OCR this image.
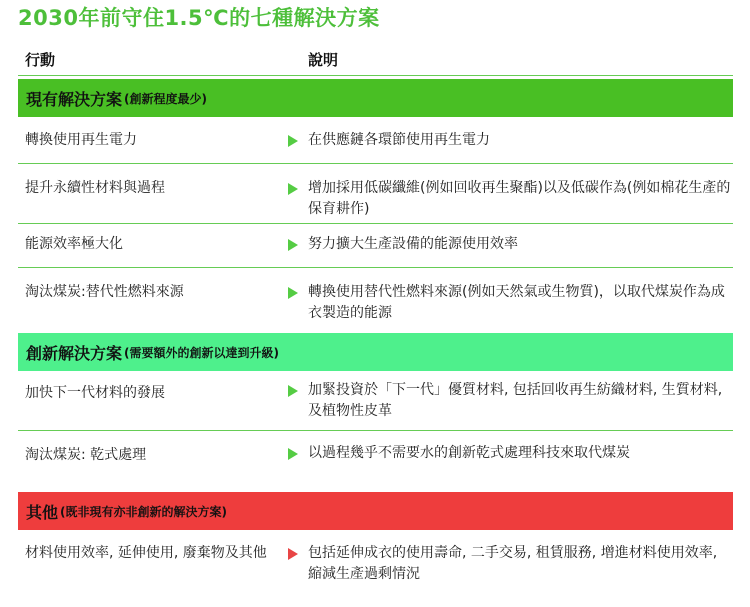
2030年前守住1.5℃的七種解決方案
行動	說明
現有解決方案 (創新程度最少)
轉換使用再生電力	在供應鏈各環節使用再生電力
提升永續性材料與過程	增加採用低碳纖維(例如回收再生聚酯)以及低碳作為(例如棉花生產的保育耕作)
能源效率極大化	努力擴大生產設備的能源使用效率
淘汰煤炭:替代性燃料來源	轉換使用替代性燃料來源(例如天然氣或生物質)，以取代煤炭作為成衣製造的能源
創新解決方案 (需要額外的創新以達到升級)
加快下一代材料的發展	加緊投資於「下一代」優質材料, 包括回收再生紡織材料, 生質材料, 及植物性皮革
淘汰煤炭: 乾式處理	以過程幾乎不需要水的創新乾式處理科技來取代煤炭
其他 (既非現有亦非創新的解決方案)
材料使用效率, 延伸使用, 廢棄物及其他	包括延伸成衣的使用壽命, 二手交易, 租賃服務, 增進材料使用效率, 縮減生產過剩情況
